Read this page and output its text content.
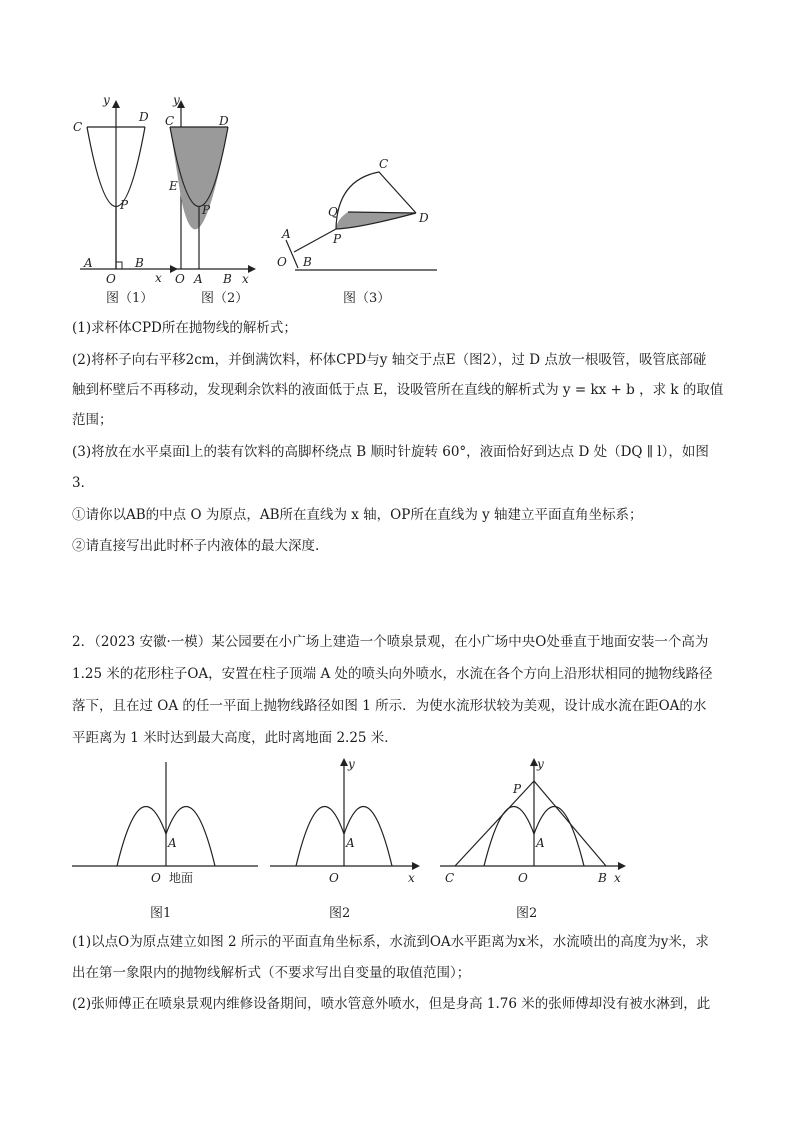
y
C
D
P
A	B
O	x
图（1）
y
C	D
E
P
O A B x
图（2）
C
D
Q
P
A
O B
图（3）
(1)求杯体CPD所在抛物线的解析式；
(2)将杯子向右平移2cm，并倒满饮料，杯体CPD与y 轴交于点E（图2），过 D 点放一根吸管，吸管底部碰
触到杯壁后不再移动，发现剩余饮料的液面低于点 E，设吸管所在直线的解析式为 y = kx + b ，求 k 的取值
范围；
(3)将放在水平桌面l上的装有饮料的高脚杯绕点 B 顺时针旋转 60°，液面恰好到达点 D 处（DQ ∥ l），如图
3．
①请你以AB的中点 O 为原点，AB所在直线为 x 轴，OP所在直线为 y 轴建立平面直角坐标系；
②请直接写出此时杯子内液体的最大深度.
2．（2023 安徽·一模）某公园要在小广场上建造一个喷泉景观，在小广场中央O处垂直于地面安装一个高为
1.25 米的花形柱子OA，安置在柱子顶端 A 处的喷头向外喷水，水流在各个方向上沿形状相同的抛物线路径
落下，且在过 OA 的任一平面上抛物线路径如图 1 所示．为使水流形状较为美观，设计成水流在距OA的水
平距离为 1 米时达到最大高度，此时离地面 2.25 米．
A
O 地面
图1
y
A
O	x
图2
y
P
A
C	O	B x
图2
(1)以点O为原点建立如图 2 所示的平面直角坐标系，水流到OA水平距离为x米，水流喷出的高度为y米，求
出在第一象限内的抛物线解析式（不要求写出自变量的取值范围）；
(2)张师傅正在喷泉景观内维修设备期间，喷水管意外喷水，但是身高 1.76 米的张师傅却没有被水淋到，此
